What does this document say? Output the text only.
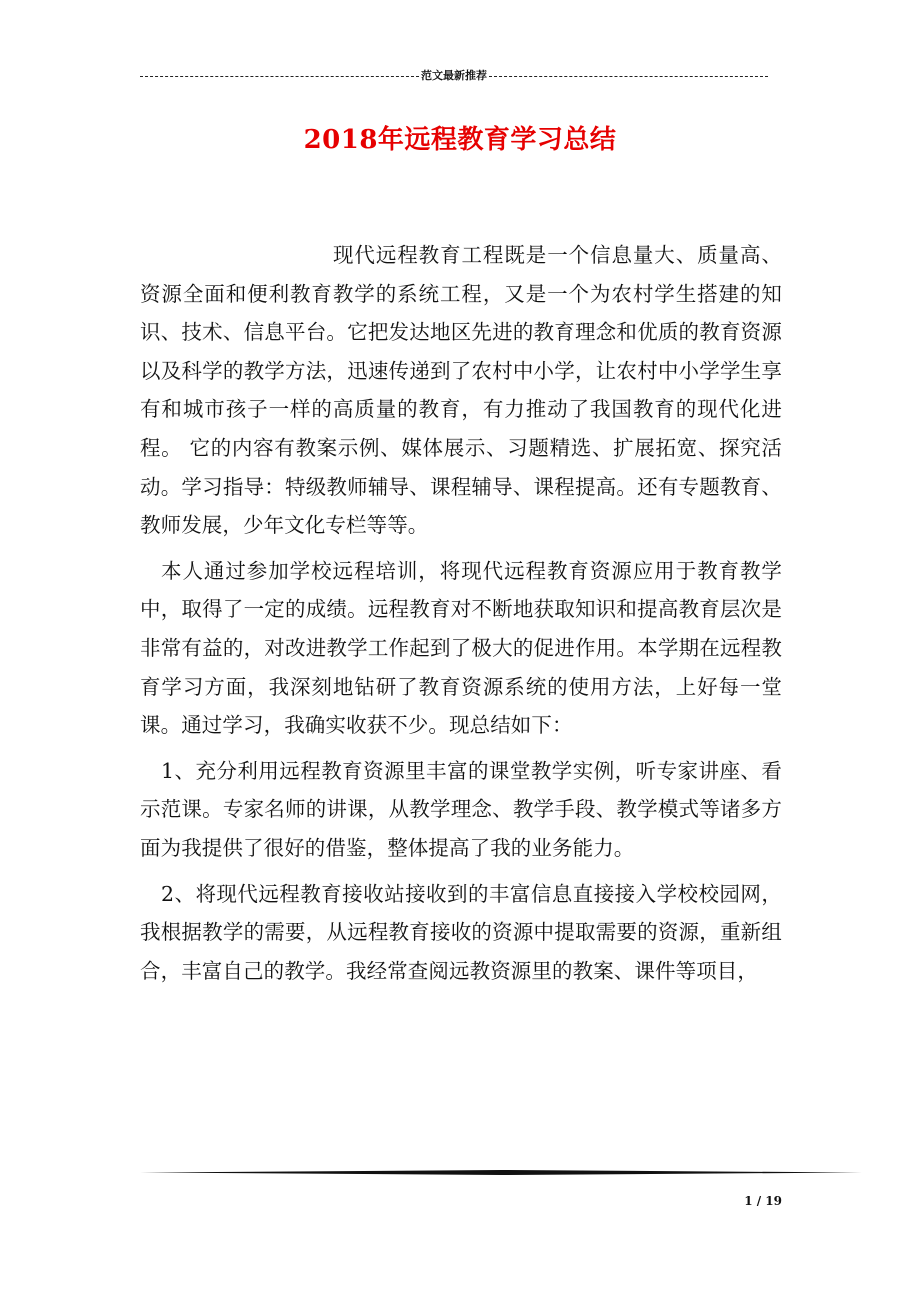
范文最新推荐
2018年远程教育学习总结

现代远程教育工程既是一个信息量大、质量高、资源全面和便利教育教学的系统工程，又是一个为农村学生搭建的知识、技术、信息平台。它把发达地区先进的教育理念和优质的教育资源以及科学的教学方法，迅速传递到了农村中小学，让农村中小学学生享有和城市孩子一样的高质量的教育，有力推动了我国教育的现代化进程。 它的内容有教案示例、媒体展示、习题精选、扩展拓宽、探究活动。学习指导：特级教师辅导、课程辅导、课程提高。还有专题教育、教师发展，少年文化专栏等等。

本人通过参加学校远程培训，将现代远程教育资源应用于教育教学中，取得了一定的成绩。远程教育对不断地获取知识和提高教育层次是非常有益的，对改进教学工作起到了极大的促进作用。本学期在远程教育学习方面，我深刻地钻研了教育资源系统的使用方法，上好每一堂课。通过学习，我确实收获不少。现总结如下：

1、充分利用远程教育资源里丰富的课堂教学实例，听专家讲座、看示范课。专家名师的讲课，从教学理念、教学手段、教学模式等诸多方面为我提供了很好的借鉴，整体提高了我的业务能力。

2、将现代远程教育接收站接收到的丰富信息直接接入学校校园网，我根据教学的需要，从远程教育接收的资源中提取需要的资源，重新组合，丰富自己的教学。我经常查阅远教资源里的教案、课件等项目，

1 / 19
